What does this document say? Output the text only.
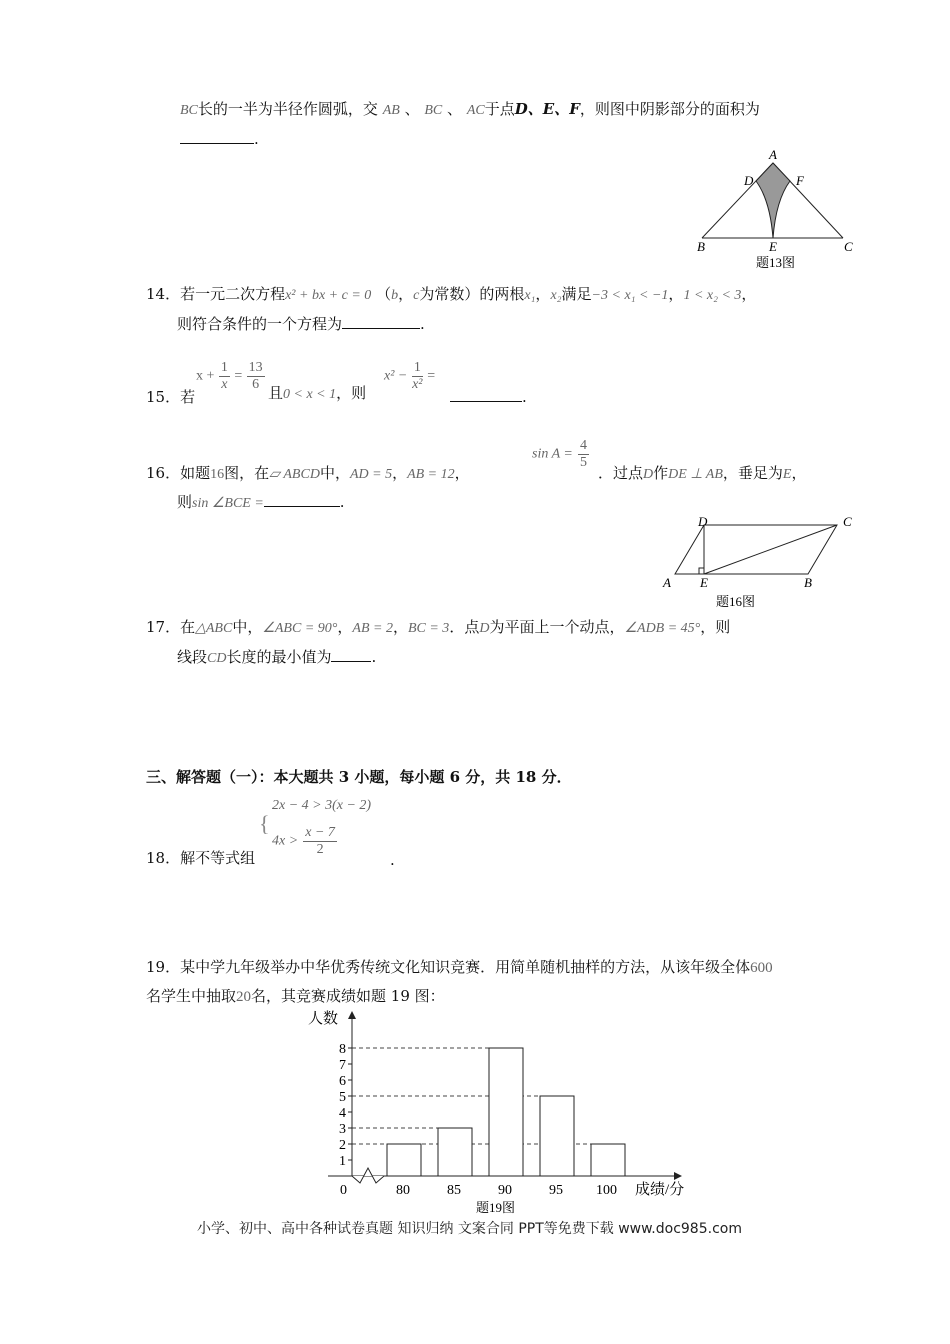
BC长的一半为半径作圆弧，交 AB 、 BC 、 AC于点D、E、F，则图中阴影部分的面积为
.
A
D	F
B	E	C
题13图
14．若一元二次方程x² + bx + c = 0 （b，c为常数）的两根x₁，x₂满足−3 < x₁ < −1，1 < x₂ < 3，
则符合条件的一个方程为	.
15．若
$x + \frac{1}{x} = \frac{13}{6}$ 且0 < x < 1，则
$x^2 - \frac{1}{\text{x²}}$ =
.
16．如题16图，在▱ ABCD中，AD = 5，AB = 12，
$\sin A = \frac{4}{5}$
．过点D作DE ⊥ AB，垂足为E，
则sin ∠BCE =	.
D	C
A E	B
题16图
17．在△ABC中，∠ABC = 90°，AB = 2，BC = 3．点D为平面上一个动点，∠ADB = 45°，则
线段CD长度的最小值为	.
三、解答题（一）：本大题共 3 小题，每小题 6 分，共 18 分．
18．解不等式组
{
2x − 4 > 3(x − 2)
$4x > \frac{x - 7}{2}$
.
19．某中学九年级举办中华优秀传统文化知识竞赛．用简单随机抽样的方法，从该年级全体600
名学生中抽取20名，其竞赛成绩如题 19 图：
1
2
3
4
5
6
7
8
80	85	90	95 100
人数
成绩/分
0
题19图
小学、初中、高中各种试卷真题 知识归纳 文案合同 PPT等免费下载 www.doc985.com
